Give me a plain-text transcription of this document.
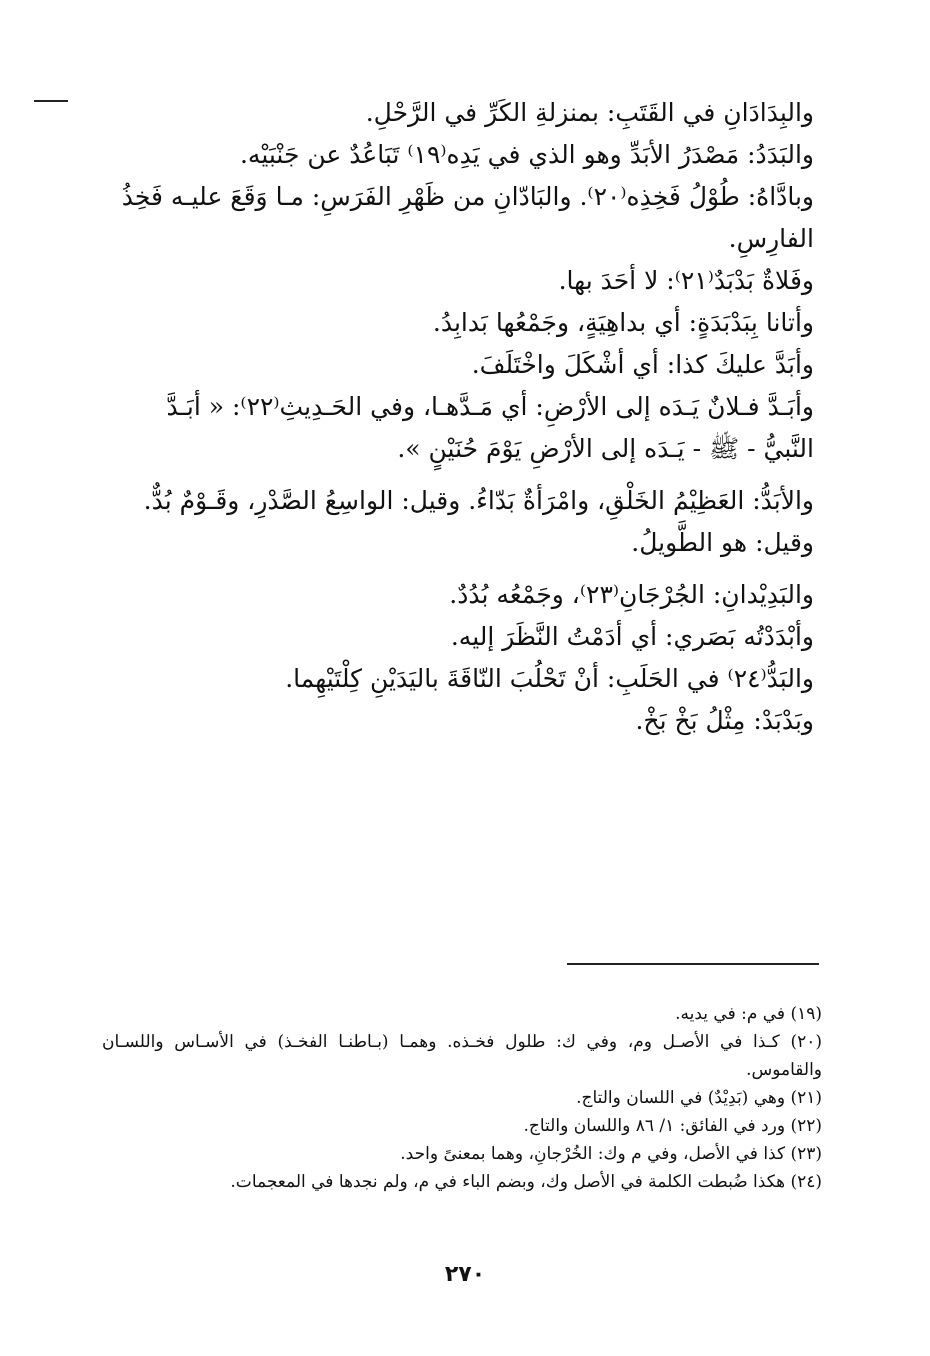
والبِدَادَانِ في القَتَبِ: بمنزلةِ الكَرِّ في الرَّحْلِ.

والبَدَدُ: مَصْدَرُ الأبَدِّ وهو الذي في يَدِه⁽١٩⁾ تَبَاعُدٌ عن جَنْبَيْه.

وبادَّاهُ: طُوْلُ فَخِذِه⁽٢٠⁾. والبَادّانِ من ظَهْرِ الفَرَسِ: مـا وَقَعَ عليـه فَخِذُ

الفارِسِ.

وفَلاةٌ بَدْبَدٌ⁽٢١⁾: لا أحَدَ بها.

وأتانا بِبَدْبَدَةٍ: أي بداهِيَةٍ، وجَمْعُها بَدابِدُ.

وأبَدَّ عليكَ كذا: أي أشْكَلَ واخْتَلَفَ.

وأبَـدَّ فـلانٌ يَـدَه إلى الأرْضِ: أي مَـدَّهـا، وفي الحَـدِيثِ⁽٢٢⁾: « أبَـدَّ

النَّبيُّ - ﷺ - يَـدَه إلى الأرْضِ يَوْمَ حُنَيْنٍ ».

والأبَدُّ: العَظِيْمُ الخَلْقِ، وامْرَأةٌ بَدّاءُ. وقيل: الواسِعُ الصَّدْرِ، وقَـوْمٌ بُدٌّ.

وقيل: هو الطَّويلُ.

والبَدِيْدانِ: الجُرْجَانِ⁽٢٣⁾، وجَمْعُه بُدُدٌ.

وأبْدَدْتُه بَصَري: أي أدَمْتُ النَّظَرَ إليه.

والبَدُّ⁽٢٤⁾ في الحَلَبِ: أنْ تَحْلُبَ النّاقَةَ باليَدَيْنِ كِلْتَيْهِما.

وبَدْبَدْ: مِثْلُ بَخْ بَخْ.

(١٩) في م: في يديه.

(٢٠) كـذا في الأصـل وم، وفي ك: طلول فخـذه. وهمـا (بـاطنـا الفخـذ) في الأسـاس واللسـان والقاموس.

(٢١) وهي (بَدِيْدٌ) في اللسان والتاج.

(٢٢) ورد في الفائق: ١/ ٨٦ واللسان والتاج.

(٢٣) كذا في الأصل، وفي م وك: الخُرْجانِ، وهما بمعنىً واحد.

(٢٤) هكذا ضُبطت الكلمة في الأصل وك، وبضم الباء في م، ولم نجدها في المعجمات.

٢٧٠
